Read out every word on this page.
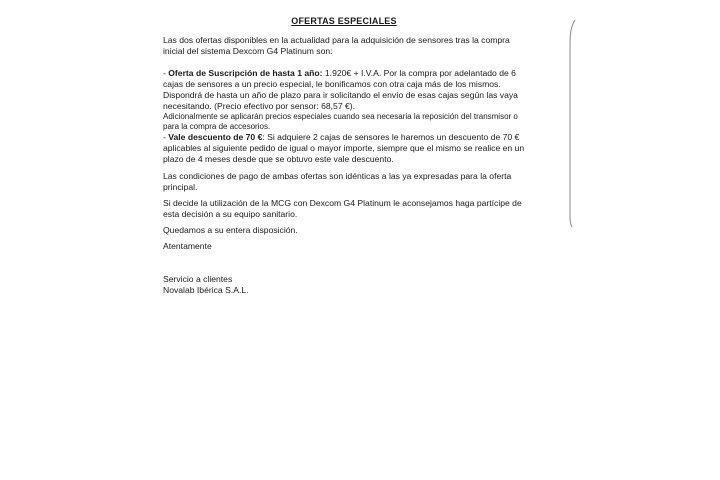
OFERTAS ESPECIALES

Las dos ofertas disponibles en la actualidad para la adquisición de sensores tras la compra inicial del sistema Dexcom G4 Platinum son:

- Oferta de Suscripción de hasta 1 año: 1.920€ + I.V.A. Por la compra por adelantado de 6 cajas de sensores a un precio especial, le bonificamos con otra caja más de los mismos. Dispondrá de hasta un año de plazo para ir solicitando el envío de esas cajas según las vaya necesitando. (Precio efectivo por sensor: 68,57 €).

Adicionalmente se aplicarán precios especiales cuando sea necesaria la reposición del transmisor o para la compra de accesorios.

- Vale descuento de 70 €: Si adquiere 2 cajas de sensores le haremos un descuento de 70 € aplicables al siguiente pedido de igual o mayor importe, siempre que el mismo se realice en un plazo de 4 meses desde que se obtuvo este vale descuento.

Las condiciones de pago de ambas ofertas son idénticas a las ya expresadas para la oferta principal.

Si decide la utilización de la MCG con Dexcom G4 Platinum le aconsejamos haga partícipe de esta decisión a su equipo sanitario.

Quedamos a su entera disposición.

Atentamente

Servicio a clientes

Novalab Ibérica S.A.L.
